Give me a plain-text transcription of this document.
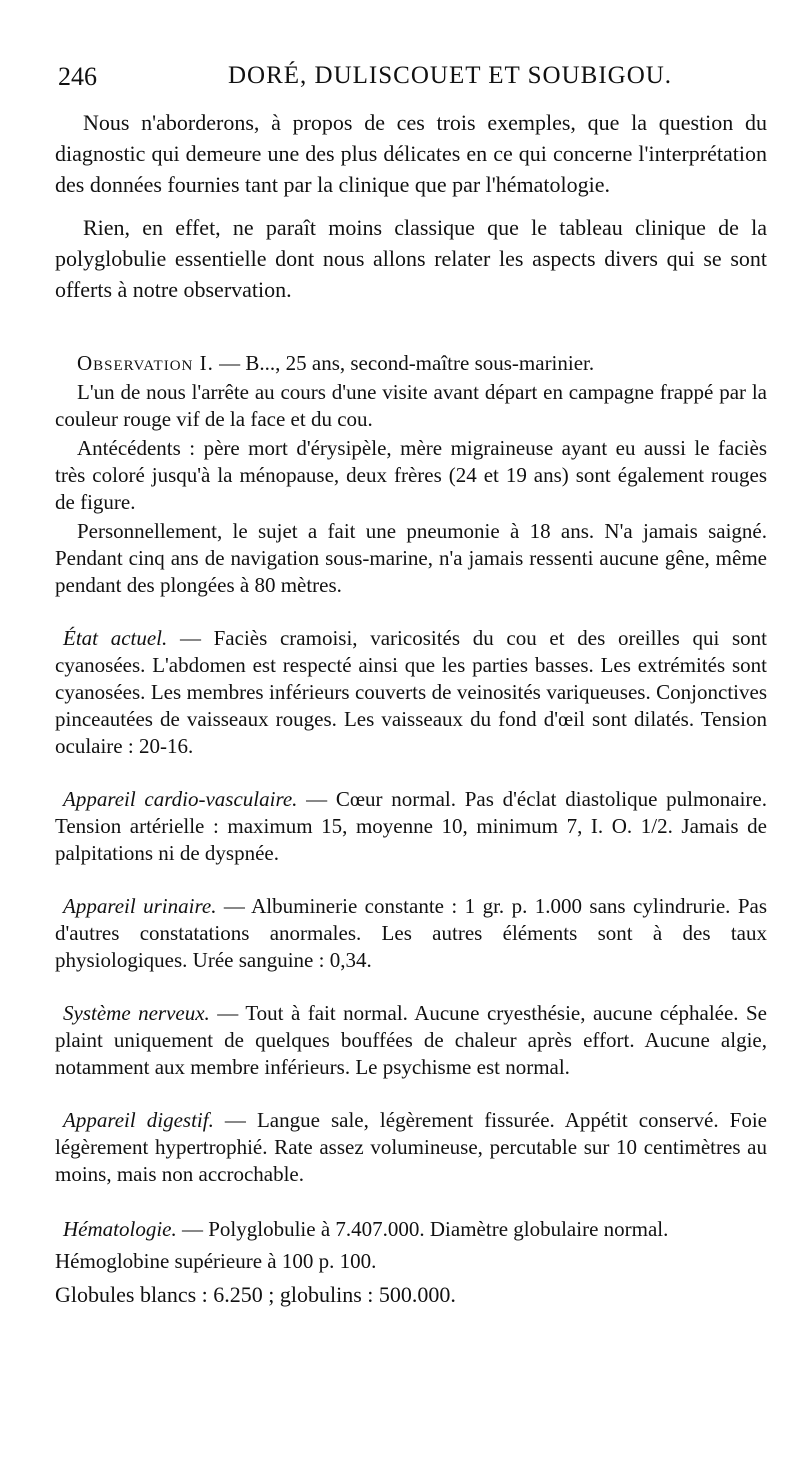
246	DORÉ, DULISCOUET ET SOUBIGOU.

Nous n'aborderons, à propos de ces trois exemples, que la question du diagnostic qui demeure une des plus délicates en ce qui concerne l'interprétation des données fournies tant par la clinique que par l'hématologie.

Rien, en effet, ne paraît moins classique que le tableau clinique de la polyglobulie essentielle dont nous allons relater les aspects divers qui se sont offerts à notre observation.

Observation I. — B..., 25 ans, second-maître sous-marinier.

L'un de nous l'arrête au cours d'une visite avant départ en campagne frappé par la couleur rouge vif de la face et du cou.

Antécédents : père mort d'érysipèle, mère migraineuse ayant eu aussi le faciès très coloré jusqu'à la ménopause, deux frères (24 et 19 ans) sont également rouges de figure.

Personnellement, le sujet a fait une pneumonie à 18 ans. N'a jamais saigné. Pendant cinq ans de navigation sous-marine, n'a jamais ressenti aucune gêne, même pendant des plongées à 80 mètres.

État actuel. — Faciès cramoisi, varicosités du cou et des oreilles qui sont cyanosées. L'abdomen est respecté ainsi que les parties basses. Les extrémités sont cyanosées. Les membres inférieurs couverts de veinosités variqueuses. Conjonctives pinceautées de vaisseaux rouges. Les vaisseaux du fond d'œil sont dilatés. Tension oculaire : 20-16.

Appareil cardio-vasculaire. — Cœur normal. Pas d'éclat diastolique pulmonaire. Tension artérielle : maximum 15, moyenne 10, minimum 7, I. O. 1/2. Jamais de palpitations ni de dyspnée.

Appareil urinaire. — Albuminerie constante : 1 gr. p. 1.000 sans cylindrurie. Pas d'autres constatations anormales. Les autres éléments sont à des taux physiologiques. Urée sanguine : 0,34.

Système nerveux. — Tout à fait normal. Aucune cryesthésie, aucune céphalée. Se plaint uniquement de quelques bouffées de chaleur après effort. Aucune algie, notamment aux membre inférieurs. Le psychisme est normal.

Appareil digestif. — Langue sale, légèrement fissurée. Appétit conservé. Foie légèrement hypertrophié. Rate assez volumineuse, percutable sur 10 centimètres au moins, mais non accrochable.

Hématologie. — Polyglobulie à 7.407.000. Diamètre globulaire normal.

Hémoglobine supérieure à 100 p. 100.

Globules blancs : 6.250 ; globulins : 500.000.
